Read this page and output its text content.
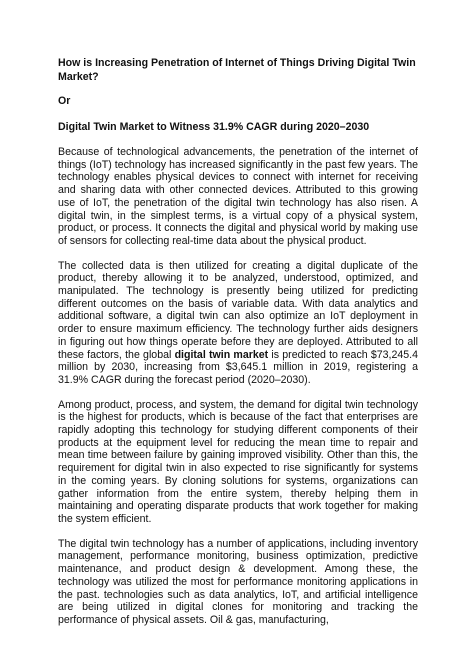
How is Increasing Penetration of Internet of Things Driving Digital Twin Market?

Or

Digital Twin Market to Witness 31.9% CAGR during 2020–2030

Because of technological advancements, the penetration of the internet of things (IoT) technology has increased significantly in the past few years. The technology enables physical devices to connect with internet for receiving and sharing data with other connected devices. Attributed to this growing use of IoT, the penetration of the digital twin technology has also risen. A digital twin, in the simplest terms, is a virtual copy of a physical system, product, or process. It connects the digital and physical world by making use of sensors for collecting real-time data about the physical product.

The collected data is then utilized for creating a digital duplicate of the product, thereby allowing it to be analyzed, understood, optimized, and manipulated. The technology is presently being utilized for predicting different outcomes on the basis of variable data. With data analytics and additional software, a digital twin can also optimize an IoT deployment in order to ensure maximum efficiency. The technology further aids designers in figuring out how things operate before they are deployed. Attributed to all these factors, the global digital twin market is predicted to reach $73,245.4 million by 2030, increasing from $3,645.1 million in 2019, registering a 31.9% CAGR during the forecast period (2020–2030).

Among product, process, and system, the demand for digital twin technology is the highest for products, which is because of the fact that enterprises are rapidly adopting this technology for studying different components of their products at the equipment level for reducing the mean time to repair and mean time between failure by gaining improved visibility. Other than this, the requirement for digital twin in also expected to rise significantly for systems in the coming years. By cloning solutions for systems, organizations can gather information from the entire system, thereby helping them in maintaining and operating disparate products that work together for making the system efficient.

The digital twin technology has a number of applications, including inventory management, performance monitoring, business optimization, predictive maintenance, and product design & development. Among these, the technology was utilized the most for performance monitoring applications in the past. technologies such as data analytics, IoT, and artificial intelligence are being utilized in digital clones for monitoring and tracking the performance of physical assets. Oil & gas, manufacturing,
